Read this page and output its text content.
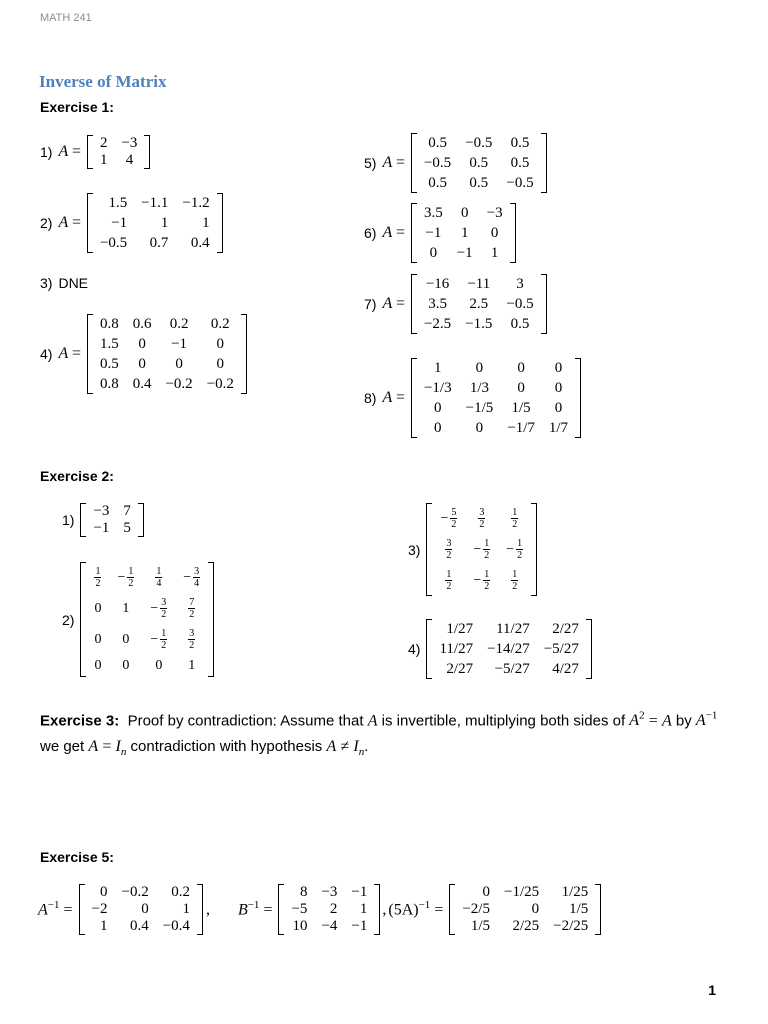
MATH 241
Inverse of Matrix
Exercise 1:
1) A = 2	−3
1	4
2) A =
1.5	−1.1	−1.2
−1	1	1
−0.5	0.7	0.4
3) DNE
4) A =
0.8	0.6	0.2	0.2
1.5	0	−1	0
0.5	0	0	0
0.8	0.4	−0.2	−0.2
5) A =
0.5	−0.5	0.5
−0.5	0.5	0.5
0.5	0.5	−0.5
6) A =
3.5	0	−3
−1	1	0
0	−1	1
7) A =
−16	−11	3
3.5	2.5	−0.5
−2.5	−1.5	0.5
8) A =
1	0	0	0
−1/3	1/3	0	0
0	−1/5	1/5	0
0	0	−1/7	1/7
Exercise 2:
1)
−3	7
−1	5
2)
$\frac{1}{2}$	− $\frac{1}{2}$	$\frac{1}{4}$	− $\frac{3}{4}$

0	1	− $\frac{3}{2}$	$\frac{7}{2}$

0	0	− $\frac{1}{2}$	$\frac{3}{2}$

0	0	0	1
3)
− $\frac{5}{2}$	$\frac{3}{2}$	$\frac{1}{2}$

$\frac{3}{2}$	− $\frac{1}{2}$	− $\frac{1}{2}$

$\frac{1}{2}$	− $\frac{1}{2}$	$\frac{1}{2}$
4)
1/27	11/27	2/27
11/27	−14/27	−5/27
2/27	−5/27	4/27
Exercise 3: Proof by contradiction: Assume that A is invertible, multiplying both sides of $A^2 = A$ by $A^{-1}$ we get $A = I_n$ contradiction with hypothesis $A \ne I_n$.
Exercise 5:
$A^{-1}$ =
0	−0.2	0.2
−2	0	1
1	0.4	−0.4
, $B^{-1}$ =
8	−3	−1
−5	2	1
10	−4	−1
, $(5A)^{-1}$ =
0	−1/25	1/25
−2/5	0	1/5
1/5	2/25	−2/25
1
